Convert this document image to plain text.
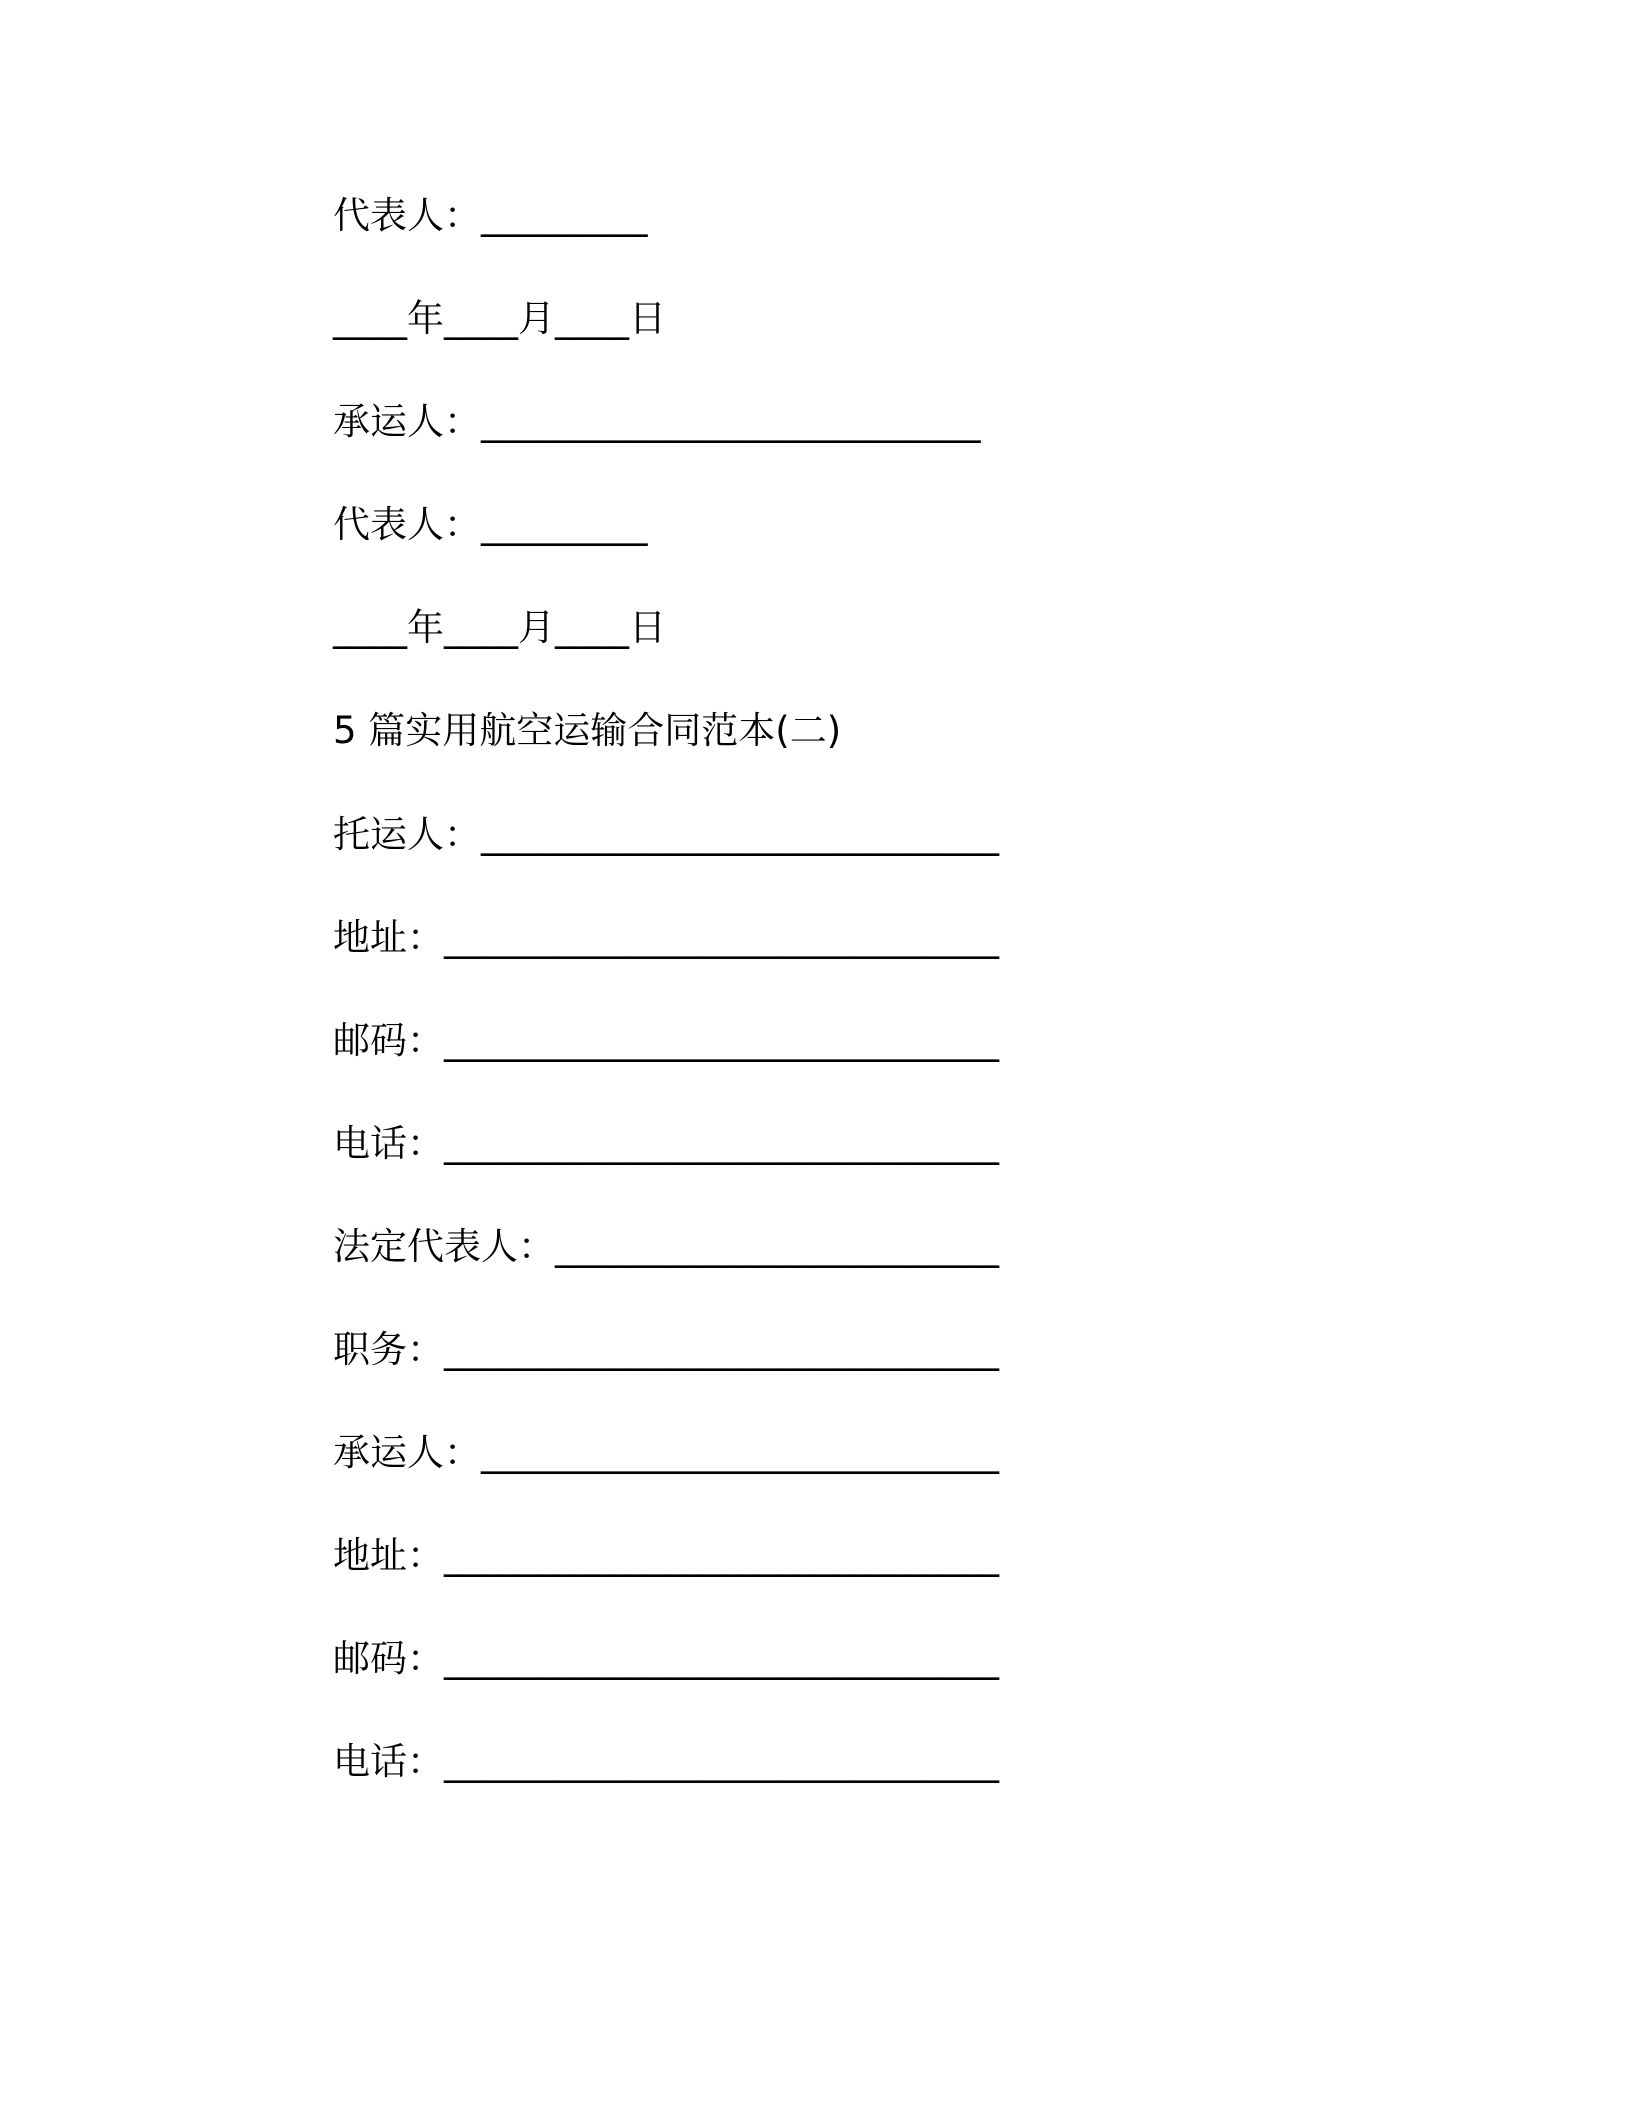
代表人：_________
____年____月____日
承运人：___________________________
代表人：_________
____年____月____日
5 篇实用航空运输合同范本(二)
托运人：____________________________
地址：______________________________
邮码：______________________________
电话：______________________________
法定代表人：________________________
职务：______________________________
承运人：____________________________
地址：______________________________
邮码：______________________________
电话：______________________________
